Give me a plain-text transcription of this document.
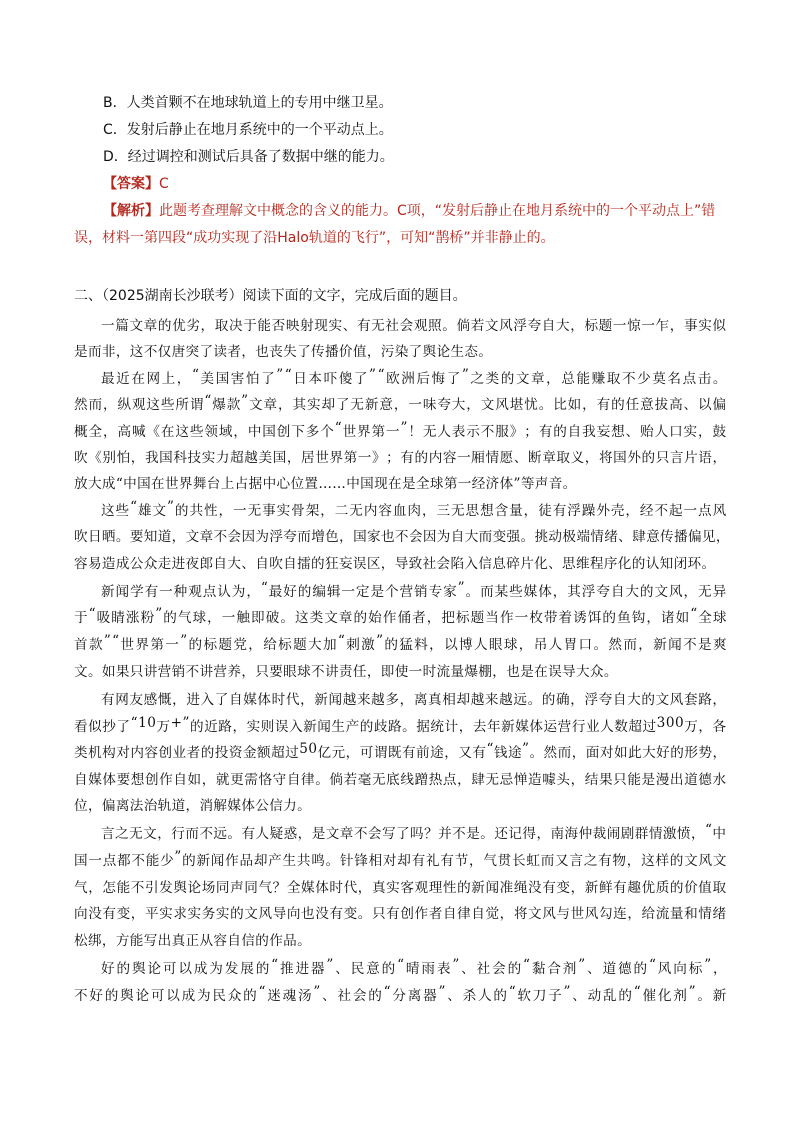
B．人类首颗不在地球轨道上的专用中继卫星。
C．发射后静止在地月系统中的一个平动点上。
D．经过调控和测试后具备了数据中继的能力。
【答案】C
【解析】此题考查理解文中概念的含义的能力。C项，“发射后静止在地月系统中的一个平动点上”错
误，材料一第四段“成功实现了沿Halo轨道的飞行”，可知“鹊桥”并非静止的。
二、（2025湖南长沙联考）阅读下面的文字，完成后面的题目。
一 篇 文 章 的 优 劣 ， 取 决 于 能 否 映 射 现 实 、 有 无 社 会 观 照 。 倘 若 文 风 浮 夸 自 大 ， 标 题 一 惊 一 乍 ， 事 实 似
是而非，这不仅唐突了读者，也丧失了传播价值，污染了舆论生态。
最 近 在 网 上 ， “ 美 国 害 怕 了 ” “ 日 本 吓 傻 了 ” “ 欧 洲 后 悔 了 ” 之 类 的 文 章 ， 总 能 赚 取 不 少 莫 名 点 击 。
然 而 ， 纵 观 这 些 所 谓 “ 爆 款 ” 文 章 ， 其 实 却 了 无 新 意 ， 一 味 夸 大 ， 文 风 堪 忧 。 比 如 ， 有 的 任 意 拔 高 、 以 偏
概 全 ， 高 喊 《 在 这 些 领 域 ， 中 国 创 下 多 个 “ 世 界 第 一 ” ！ 无 人 表 示 不 服 》 ； 有 的 自 我 妄 想 、 贻 人 口 实 ， 鼓
吹 《 别 怕 ， 我 国 科 技 实 力 超 越 美 国 ， 居 世 界 第 一 》 ； 有 的 内 容 一 厢 情 愿 、 断 章 取 义 ， 将 国 外 的 只 言 片 语 ，
放大成“中国在世界舞台上占据中心位置……中国现在是全球第一经济体”等声音。
这 些 “ 雄 文 ” 的 共 性 ， 一 无 事 实 骨 架 ， 二 无 内 容 血 肉 ， 三 无 思 想 含 量 ， 徒 有 浮 躁 外 壳 ， 经 不 起 一 点 风
吹 日 晒 。 要 知 道 ， 文 章 不 会 因 为 浮 夸 而 增 色 ， 国 家 也 不 会 因 为 自 大 而 变 强 。 挑 动 极 端 情 绪 、 肆 意 传 播 偏 见 ，
容易造成公众走进夜郎自大、自吹自擂的狂妄误区，导致社会陷入信息碎片化、思维程序化的认知闭环。
新 闻 学 有 一 种 观 点 认 为 ， “ 最 好 的 编 辑 一 定 是 个 营 销 专 家 ” 。 而 某 些 媒 体 ， 其 浮 夸 自 大 的 文 风 ， 无 异
于 “ 吸 睛 涨 粉 ” 的 气 球 ， 一 触 即 破 。 这 类 文 章 的 始 作 俑 者 ， 把 标 题 当 作 一 枚 带 着 诱 饵 的 鱼 钩 ， 诸 如 “ 全 球
首 款 ” “ 世 界 第 一 ” 的 标 题 党 ， 给 标 题 大 加 “ 刺 激 ” 的 猛 料 ， 以 博 人 眼 球 ， 吊 人 胃 口 。 然 而 ， 新 闻 不 是 爽
文。如果只讲营销不讲营养，只要眼球不讲责任，即使一时流量爆棚，也是在误导大众。
有 网 友 感 慨 ， 进 入 了 自 媒 体 时 代 ， 新 闻 越 来 越 多 ， 离 真 相 却 越 来 越 远 。 的 确 ， 浮 夸 自 大 的 文 风 套 路 ，
看 似 抄 了 “ 1 0 万 + ” 的 近 路 ， 实 则 误 入 新 闻 生 产 的 歧 路 。 据 统 计 ， 去 年 新 媒 体 运 营 行 业 人 数 超 过 3 0 0 万 ， 各
类 机 构 对 内 容 创 业 者 的 投 资 金 额 超 过 5 0 亿 元 ， 可 谓 既 有 前 途 ， 又 有 “ 钱 途 ” 。 然 而 ， 面 对 如 此 大 好 的 形 势 ，
自 媒 体 要 想 创 作 自 如 ， 就 更 需 恪 守 自 律 。 倘 若 毫 无 底 线 蹭 热 点 ， 肆 无 忌 惮 造 噱 头 ， 结 果 只 能 是 漫 出 道 德 水
位，偏离法治轨道，消解媒体公信力。
言 之 无 文 ， 行 而 不 远 。 有 人 疑 惑 ， 是 文 章 不 会 写 了 吗 ？ 并 不 是 。 还 记 得 ， 南 海 仲 裁 闹 剧 群 情 激 愤 ， “ 中
国 一 点 都 不 能 少 ” 的 新 闻 作 品 却 产 生 共 鸣 。 针 锋 相 对 却 有 礼 有 节 ， 气 贯 长 虹 而 又 言 之 有 物 ， 这 样 的 文 风 文
气 ， 怎 能 不 引 发 舆 论 场 同 声 同 气 ？ 全 媒 体 时 代 ， 真 实 客 观 理 性 的 新 闻 准 绳 没 有 变 ， 新 鲜 有 趣 优 质 的 价 值 取
向 没 有 变 ， 平 实 求 实 务 实 的 文 风 导 向 也 没 有 变 。 只 有 创 作 者 自 律 自 觉 ， 将 文 风 与 世 风 勾 连 ， 给 流 量 和 情 绪
松绑，方能写出真正从容自信的作品。
好 的 舆 论 可 以 成 为 发 展 的 “ 推 进 器 ” 、 民 意 的 “ 晴 雨 表 ” 、 社 会 的 “ 黏 合 剂 ” 、 道 德 的 “ 风 向 标 ” ，
不 好 的 舆 论 可 以 成 为 民 众 的 “ 迷 魂 汤 ” 、 社 会 的 “ 分 离 器 ” 、 杀 人 的 “ 软 刀 子 ” 、 动 乱 的 “ 催 化 剂 ” 。 新
